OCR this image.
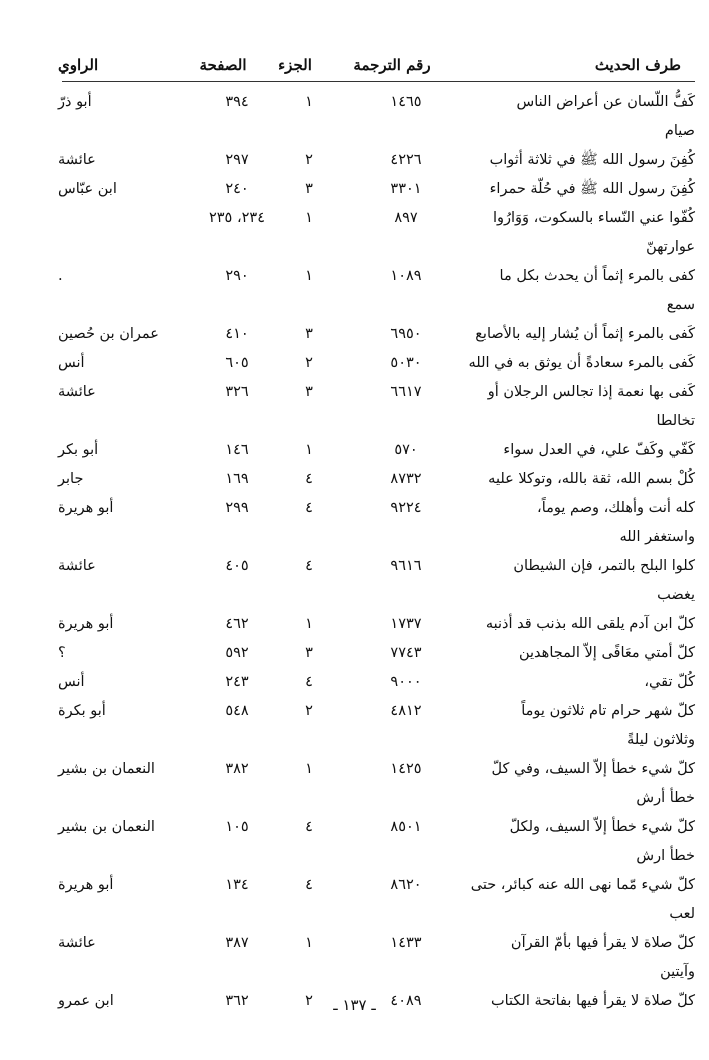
طرف الحديث
رقم الترجمة
الجزء
الصفحة
الراوي
كَفُّ اللّسان عن أعراض الناس
١٤٦٥
١
٣٩٤
أبو ذرّ
صيام
كُفِنَ رسول الله ﷺ في ثلاثة أثواب
٤٢٢٦
٢
٢٩٧
عائشة
كُفِنَ رسول الله ﷺ في حُلّة حمراء
٣٣٠١
٣
٢٤٠
ابن عبّاس
كُفّوا عني النّساء بالسكوت، وَوَارُوا
٨٩٧
١
٢٣٤، ٢٣٥
عوارتهنّ
كفى بالمرء إثماً أن يحدث بكل ما
١٠٨٩
١
٢٩٠
.
سمع
كَفى بالمرء إثماً أن يُشار إليه بالأصابع
٦٩٥٠
٣
٤١٠
عمران بن حُصين
كَفى بالمرء سعادةً أن يوثق به في الله
٥٠٣٠
٢
٦٠٥
أنس
كَفى بها نعمة إذا تجالس الرجلان أو
٦٦١٧
٣
٣٢٦
عائشة
تخالطا
كَفّي وكَفّ علي، في العدل سواء
٥٧٠
١
١٤٦
أبو بكر
كُلْ بسم الله، ثقة بالله، وتوكلا عليه
٨٧٣٢
٤
١٦٩
جابر
كله أنت وأهلك، وصم يوماً،
٩٢٢٤
٤
٢٩٩
أبو هريرة
واستغفر الله
كلوا البلح بالتمر، فإن الشيطان
٩٦١٦
٤
٤٠٥
عائشة
يغضب
كلّ ابن آدم يلقى الله بذنب قد أذنبه
١٧٣٧
١
٤٦٢
أبو هريرة
كلّ أمتي معَافًى إلاّ المجاهدين
٧٧٤٣
٣
٥٩٢
؟
كُلّ تقي،
٩٠٠٠
٤
٢٤٣
أنس
كلّ شهر حرام تام ثلاثون يوماً
٤٨١٢
٢
٥٤٨
أبو بكرة
وثلاثون ليلةً
كلّ شيء خطأ إلاّ السيف، وفي كلّ
١٤٢٥
١
٣٨٢
النعمان بن بشير
خطأ أرش
كلّ شيء خطأ إلاّ السيف، ولكلّ
٨٥٠١
٤
١٠٥
النعمان بن بشير
خطأ ارش
كلّ شيء مّما نهى الله عنه كبائر، حتى
٨٦٢٠
٤
١٣٤
أبو هريرة
لعب
كلّ صلاة لا يقرأ فيها بأمّ القرآن
١٤٣٣
١
٣٨٧
عائشة
وآيتين
كلّ صلاة لا يقرأ فيها بفاتحة الكتاب
٤٠٨٩
٢
٣٦٢
ابن عمرو	ـ ١٣٧ ـ
